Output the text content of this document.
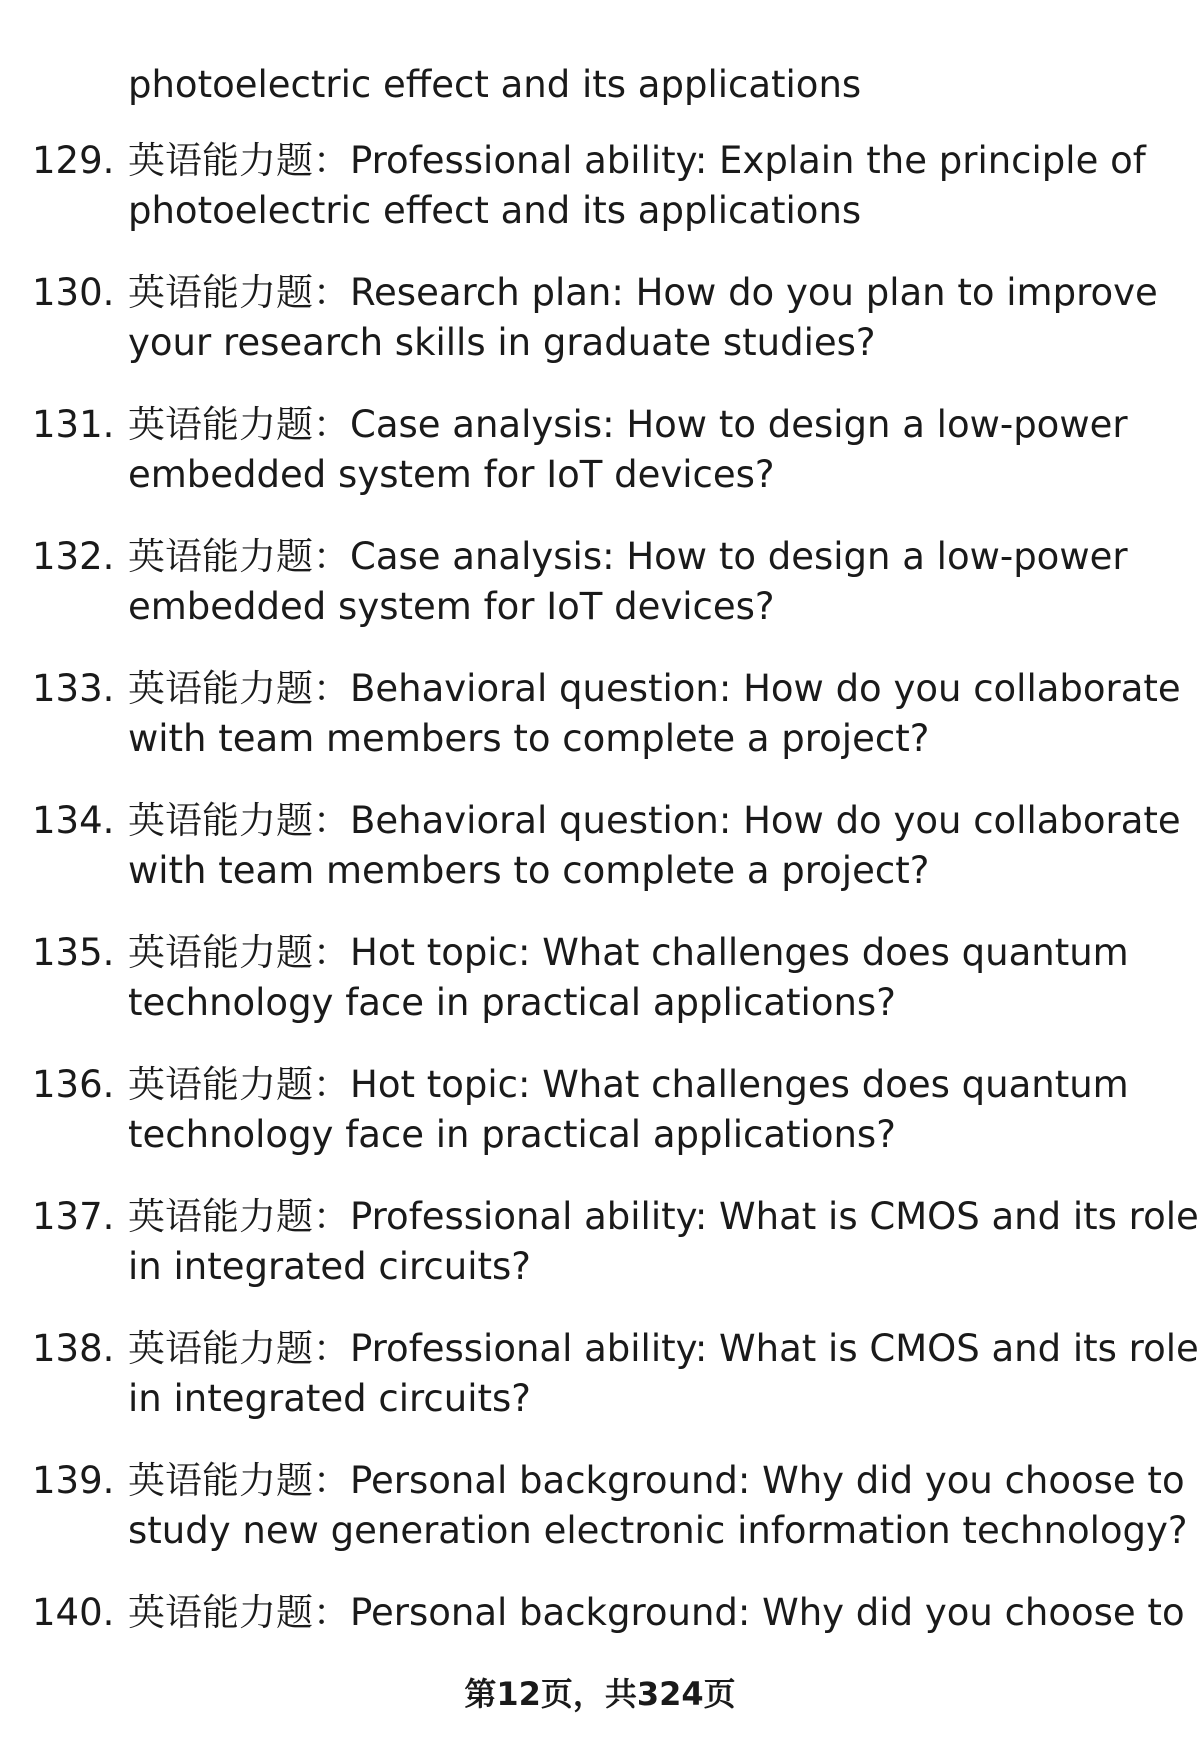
photoelectric effect and its applications
129. 英语能力题：Professional ability: Explain the principle of
photoelectric effect and its applications
130. 英语能力题：Research plan: How do you plan to improve
your research skills in graduate studies?
131. 英语能力题：Case analysis: How to design a low-power
embedded system for IoT devices?
132. 英语能力题：Case analysis: How to design a low-power
embedded system for IoT devices?
133. 英语能力题：Behavioral question: How do you collaborate
with team members to complete a project?
134. 英语能力题：Behavioral question: How do you collaborate
with team members to complete a project?
135. 英语能力题：Hot topic: What challenges does quantum
technology face in practical applications?
136. 英语能力题：Hot topic: What challenges does quantum
technology face in practical applications?
137. 英语能力题：Professional ability: What is CMOS and its role
in integrated circuits?
138. 英语能力题：Professional ability: What is CMOS and its role
in integrated circuits?
139. 英语能力题：Personal background: Why did you choose to
study new generation electronic information technology?
140. 英语能力题：Personal background: Why did you choose to
第12页，共324页
